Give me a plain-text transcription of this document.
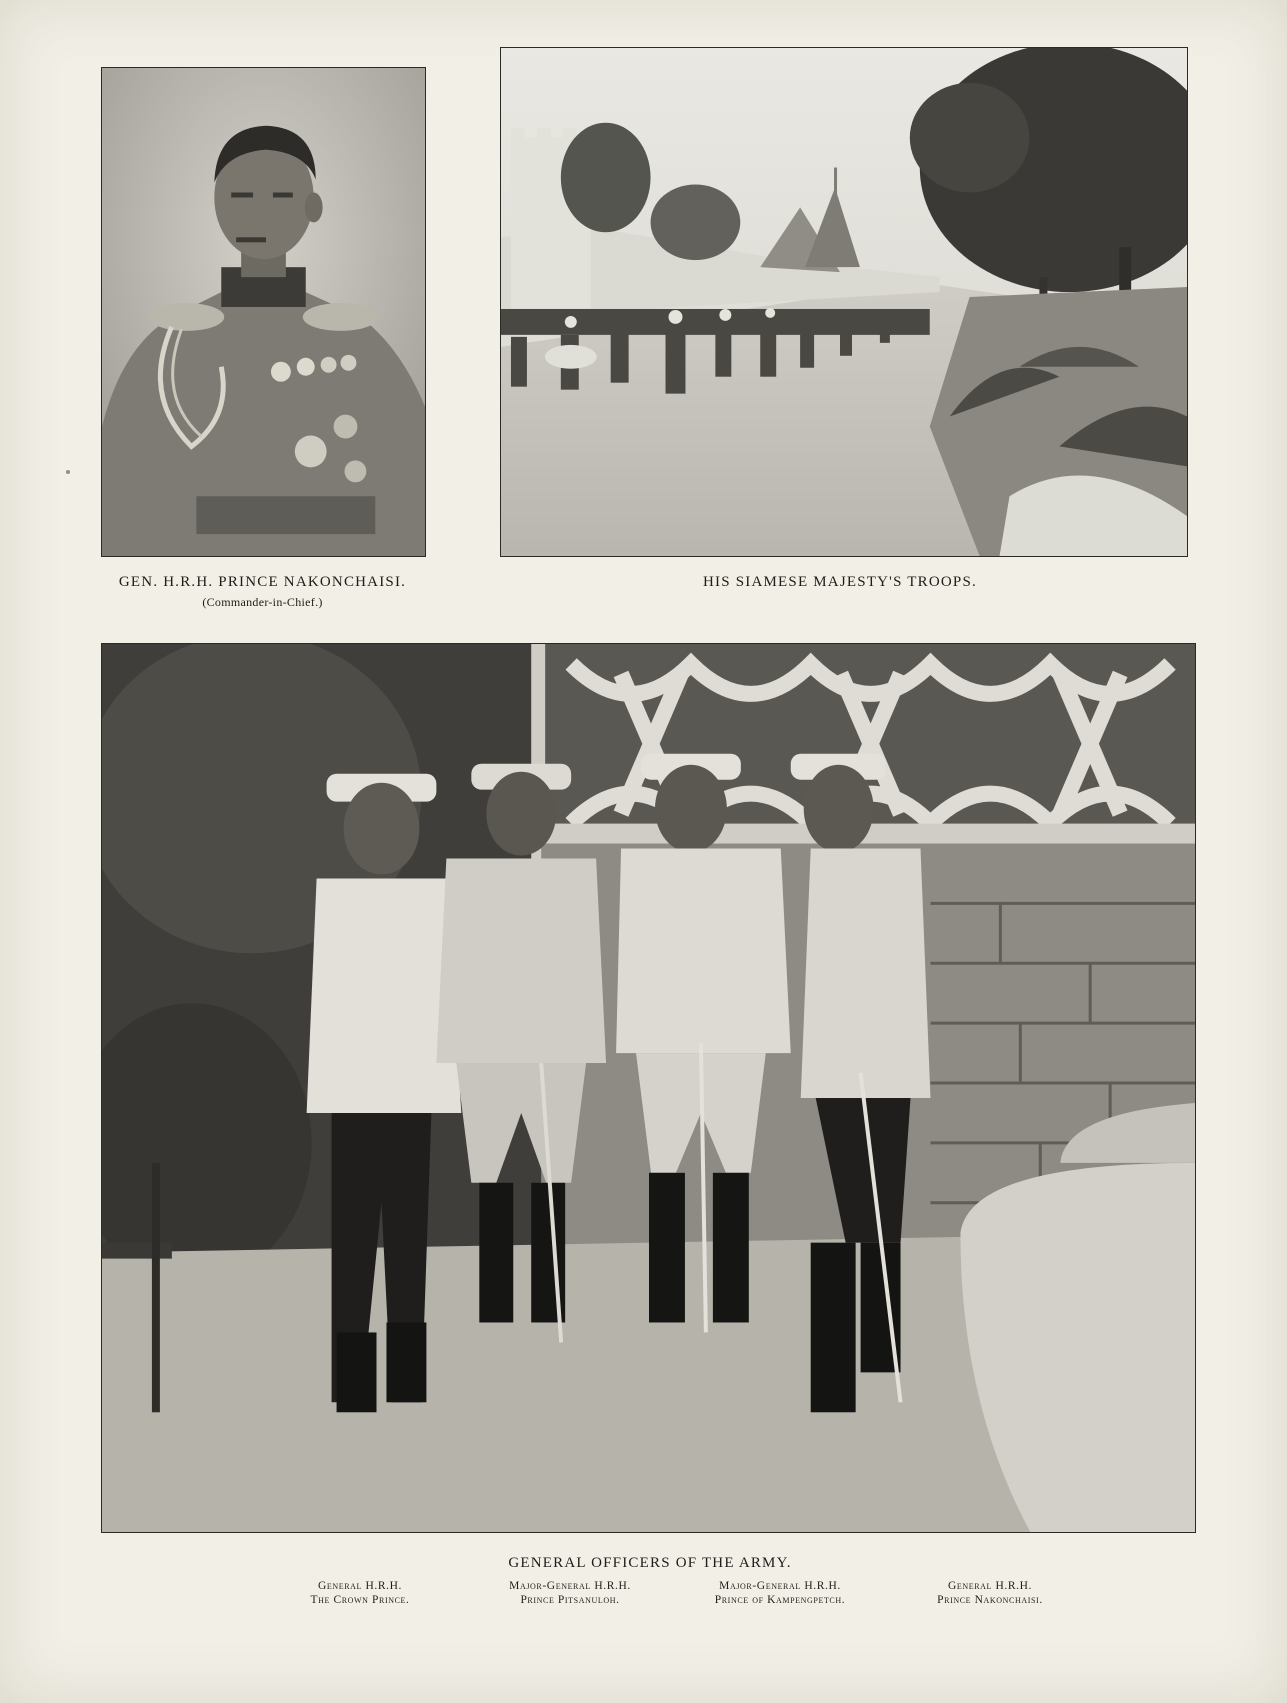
GEN. H.R.H. PRINCE NAKONCHAISI.
(Commander-in-Chief.)
HIS SIAMESE MAJESTY'S TROOPS.
GENERAL OFFICERS OF THE ARMY.
General H.R.H.
The Crown Prince.
Major-General H.R.H.
Prince Pitsanuloh.
Major-General H.R.H.
Prince of Kampengpetch.
General H.R.H.
Prince Nakonchaisi.
